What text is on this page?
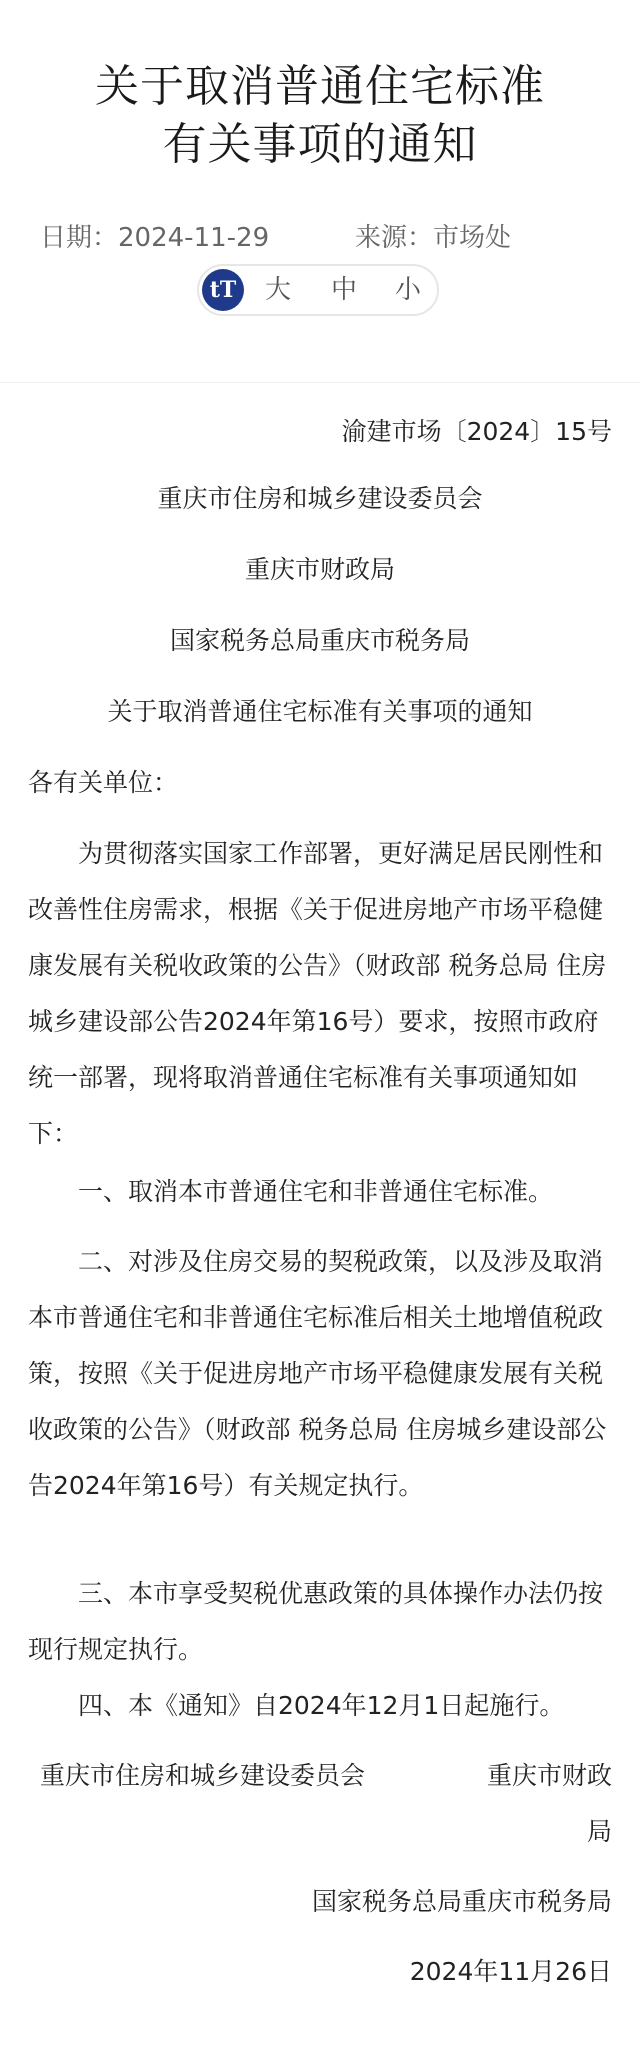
关于取消普通住宅标准
有关事项的通知
日期：2024-11-29	来源：市场处
tT 大 中 小
渝建市场〔2024〕15号
重庆市住房和城乡建设委员会
重庆市财政局
国家税务总局重庆市税务局
关于取消普通住宅标准有关事项的通知
各有关单位：
为贯彻落实国家工作部署，更好满足居民刚性和改善性住房需求，根据《关于促进房地产市场平稳健康发展有关税收政策的公告》（财政部 税务总局 住房城乡建设部公告2024年第16号）要求，按照市政府统一部署，现将取消普通住宅标准有关事项通知如下：
一、取消本市普通住宅和非普通住宅标准。
二、对涉及住房交易的契税政策，以及涉及取消本市普通住宅和非普通住宅标准后相关土地增值税政策，按照《关于促进房地产市场平稳健康发展有关税收政策的公告》（财政部 税务总局 住房城乡建设部公告2024年第16号）有关规定执行。
三、本市享受契税优惠政策的具体操作办法仍按现行规定执行。
四、本《通知》自2024年12月1日起施行。
重庆市住房和城乡建设委员会	重庆市财政局
国家税务总局重庆市税务局
2024年11月26日
